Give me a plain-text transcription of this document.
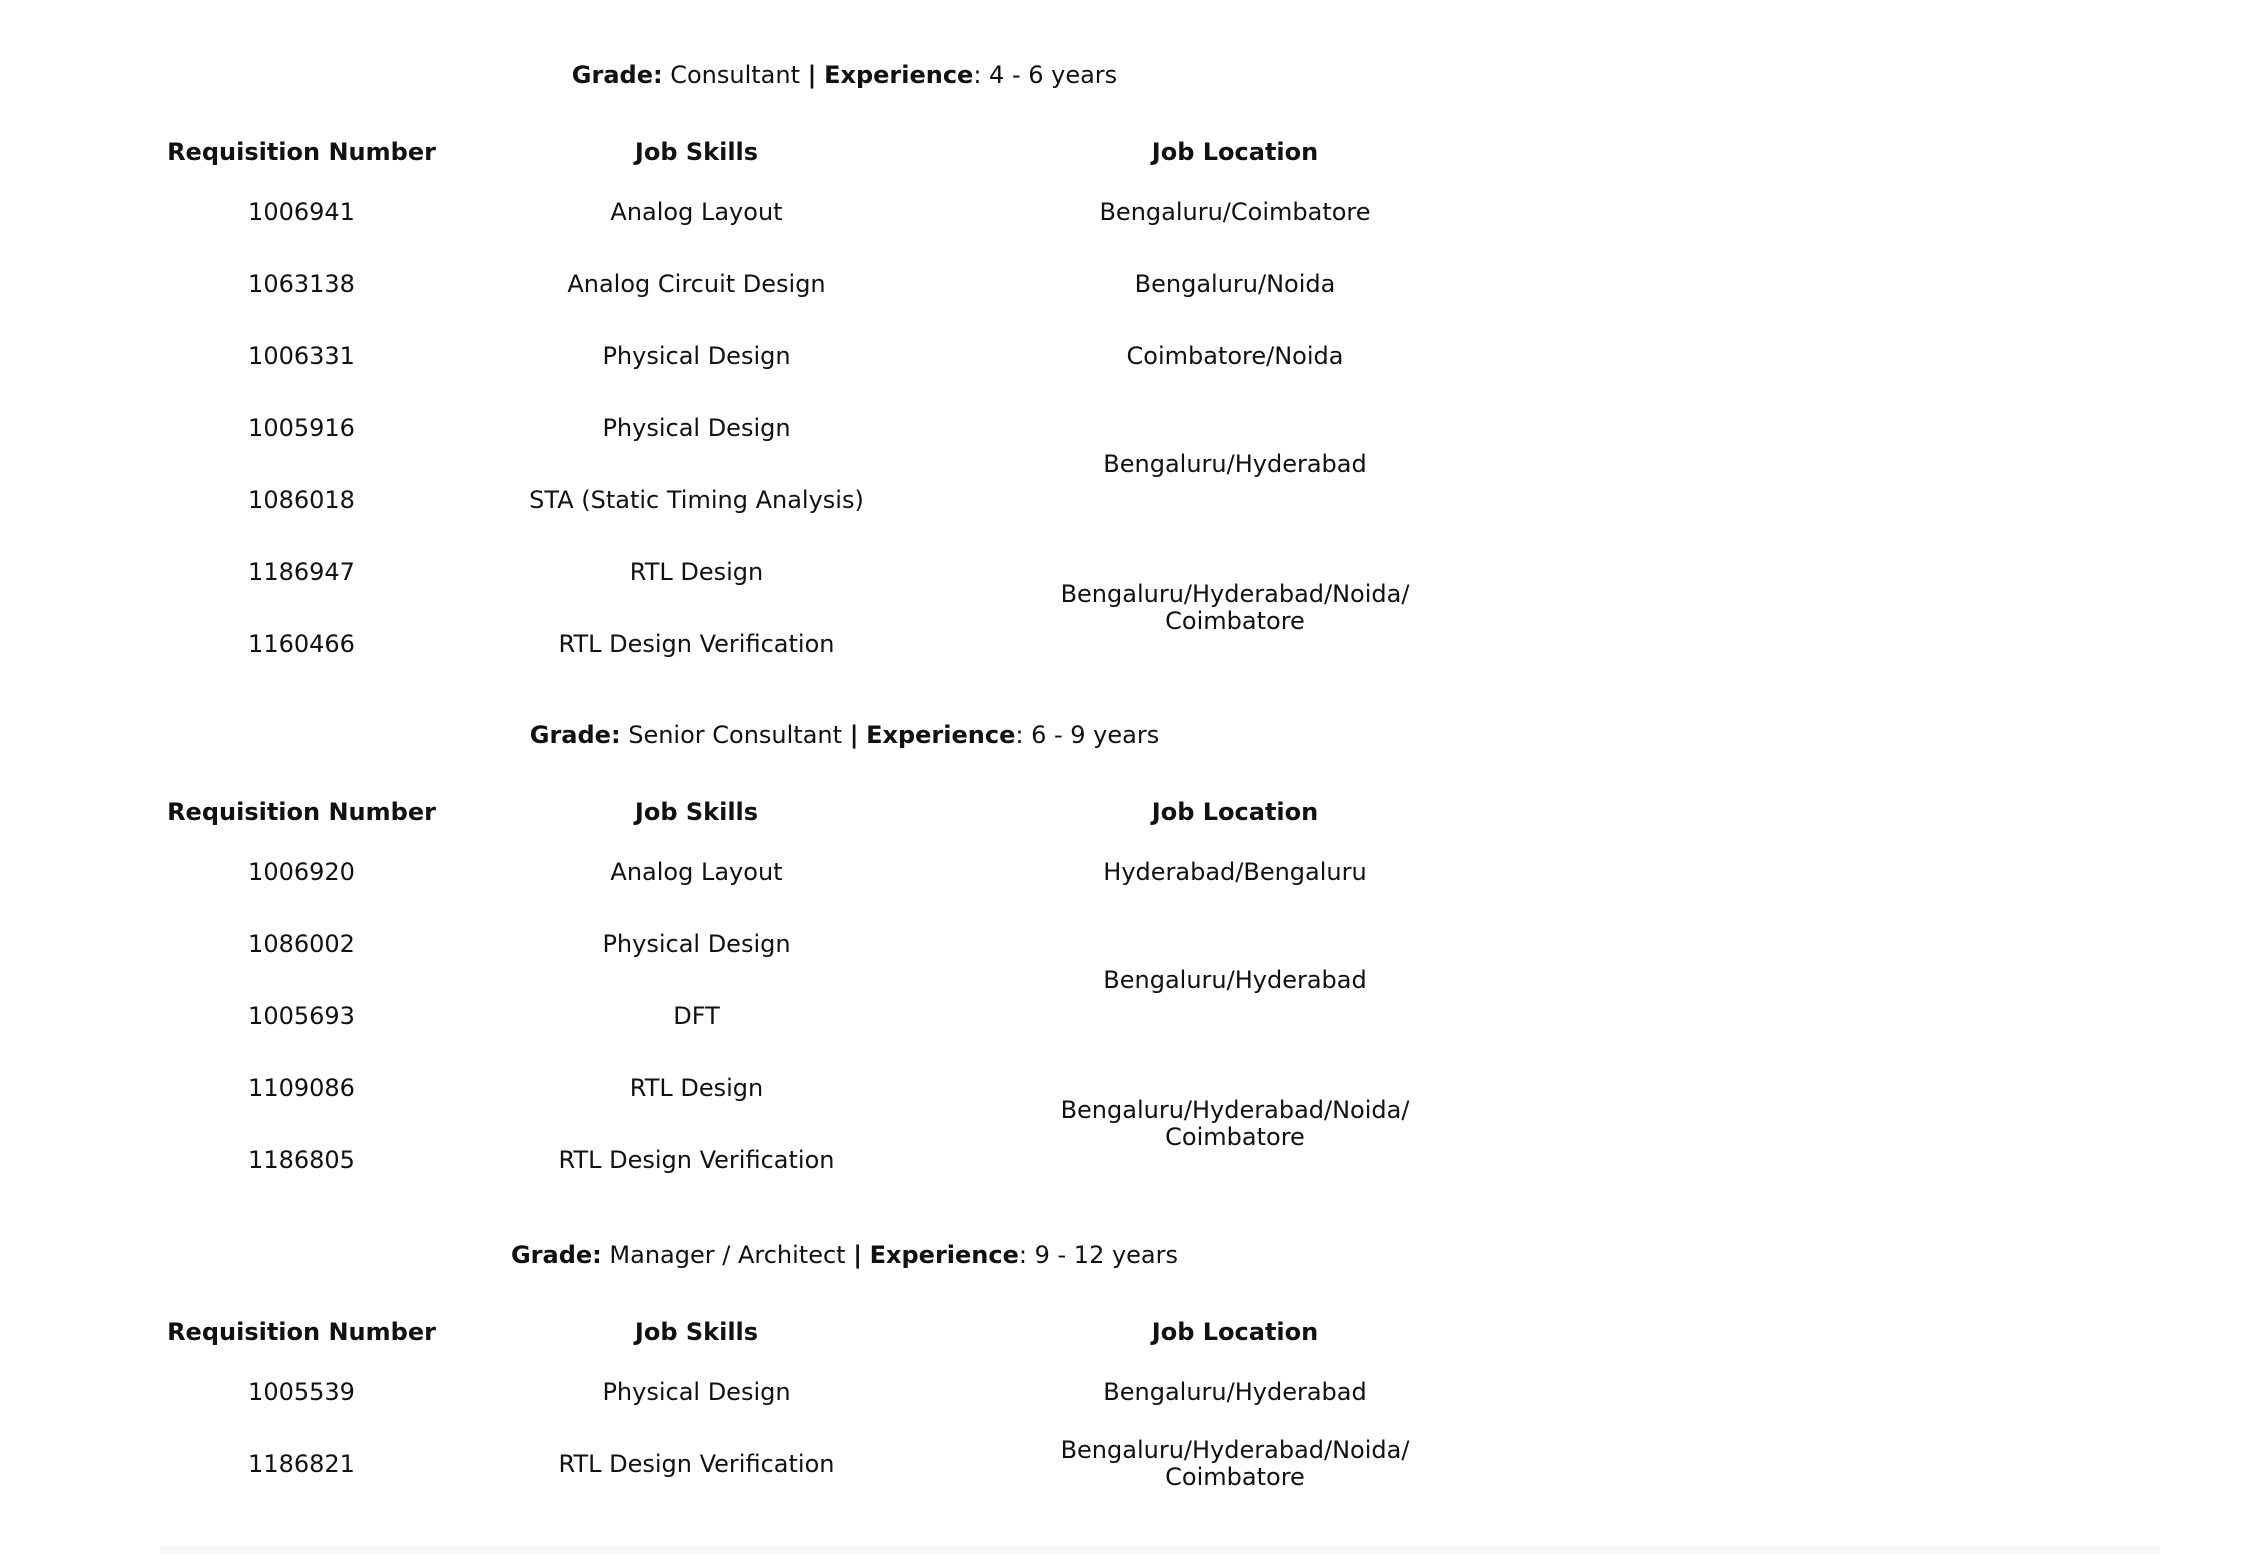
Grade: Consultant | Experience: 4 - 6 years
Requisition Number	Job Skills	Job Location
1006941	Analog Layout	Bengaluru/Coimbatore
1063138	Analog Circuit Design	Bengaluru/Noida
1006331	Physical Design	Coimbatore/Noida
1005916	Physical Design	Bengaluru/Hyderabad
1086018	STA (Static Timing Analysis)	
1186947	RTL Design	Bengaluru/Hyderabad/Noida/
Coimbatore
1160466	RTL Design Verification	
Grade: Senior Consultant | Experience: 6 - 9 years
Requisition Number	Job Skills	Job Location
1006920	Analog Layout	Hyderabad/Bengaluru
1086002	Physical Design	Bengaluru/Hyderabad
1005693	DFT	
1109086	RTL Design	Bengaluru/Hyderabad/Noida/
Coimbatore
1186805	RTL Design Verification	
Grade: Manager / Architect | Experience: 9 - 12 years
Requisition Number	Job Skills	Job Location
1005539	Physical Design	Bengaluru/Hyderabad
1186821	RTL Design Verification	Bengaluru/Hyderabad/Noida/
Coimbatore
